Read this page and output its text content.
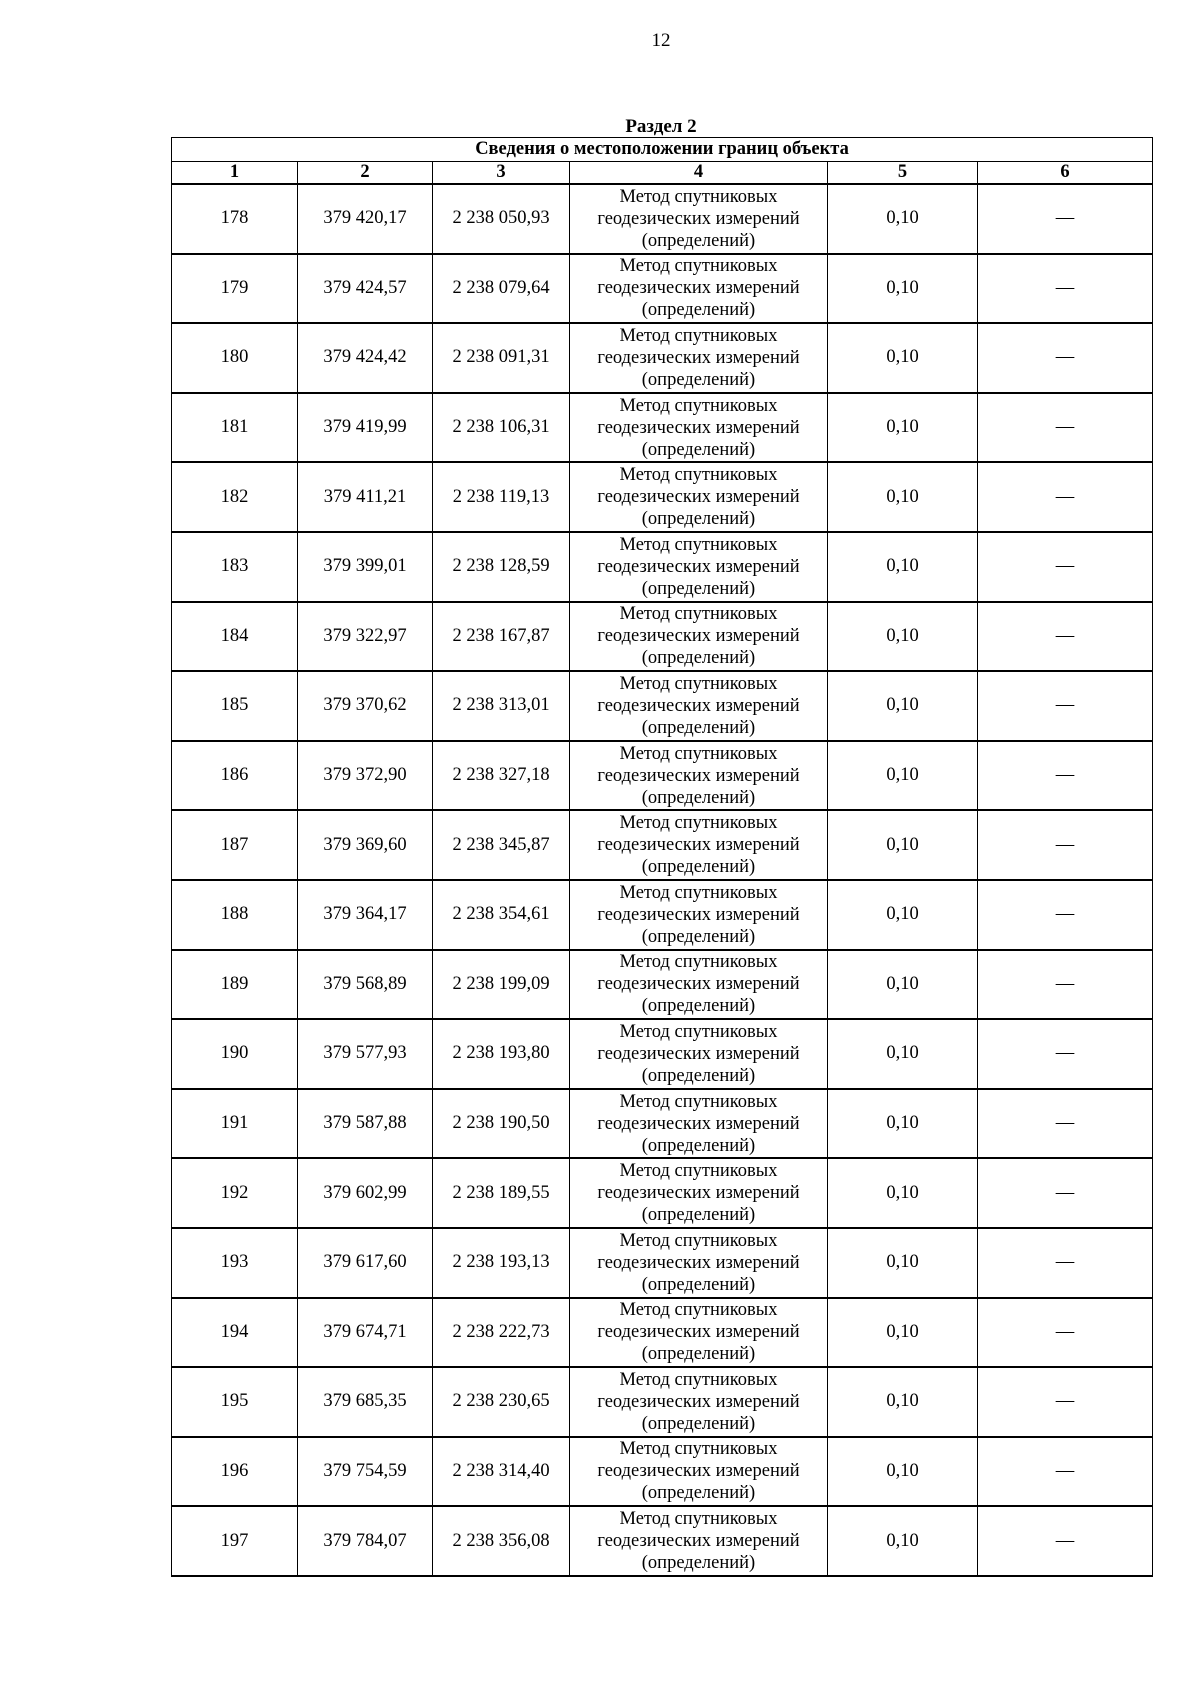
12
Раздел 2
Сведения о местоположении границ объекта					
1	2	3	4	5	6
178	379 420,17	2 238 050,93	Метод спутниковых
геодезических измерений
(определений)	0,10	—
179	379 424,57	2 238 079,64	Метод спутниковых
геодезических измерений
(определений)	0,10	—
180	379 424,42	2 238 091,31	Метод спутниковых
геодезических измерений
(определений)	0,10	—
181	379 419,99	2 238 106,31	Метод спутниковых
геодезических измерений
(определений)	0,10	—
182	379 411,21	2 238 119,13	Метод спутниковых
геодезических измерений
(определений)	0,10	—
183	379 399,01	2 238 128,59	Метод спутниковых
геодезических измерений
(определений)	0,10	—
184	379 322,97	2 238 167,87	Метод спутниковых
геодезических измерений
(определений)	0,10	—
185	379 370,62	2 238 313,01	Метод спутниковых
геодезических измерений
(определений)	0,10	—
186	379 372,90	2 238 327,18	Метод спутниковых
геодезических измерений
(определений)	0,10	—
187	379 369,60	2 238 345,87	Метод спутниковых
геодезических измерений
(определений)	0,10	—
188	379 364,17	2 238 354,61	Метод спутниковых
геодезических измерений
(определений)	0,10	—
189	379 568,89	2 238 199,09	Метод спутниковых
геодезических измерений
(определений)	0,10	—
190	379 577,93	2 238 193,80	Метод спутниковых
геодезических измерений
(определений)	0,10	—
191	379 587,88	2 238 190,50	Метод спутниковых
геодезических измерений
(определений)	0,10	—
192	379 602,99	2 238 189,55	Метод спутниковых
геодезических измерений
(определений)	0,10	—
193	379 617,60	2 238 193,13	Метод спутниковых
геодезических измерений
(определений)	0,10	—
194	379 674,71	2 238 222,73	Метод спутниковых
геодезических измерений
(определений)	0,10	—
195	379 685,35	2 238 230,65	Метод спутниковых
геодезических измерений
(определений)	0,10	—
196	379 754,59	2 238 314,40	Метод спутниковых
геодезических измерений
(определений)	0,10	—
197	379 784,07	2 238 356,08	Метод спутниковых
геодезических измерений
(определений)	0,10	—
